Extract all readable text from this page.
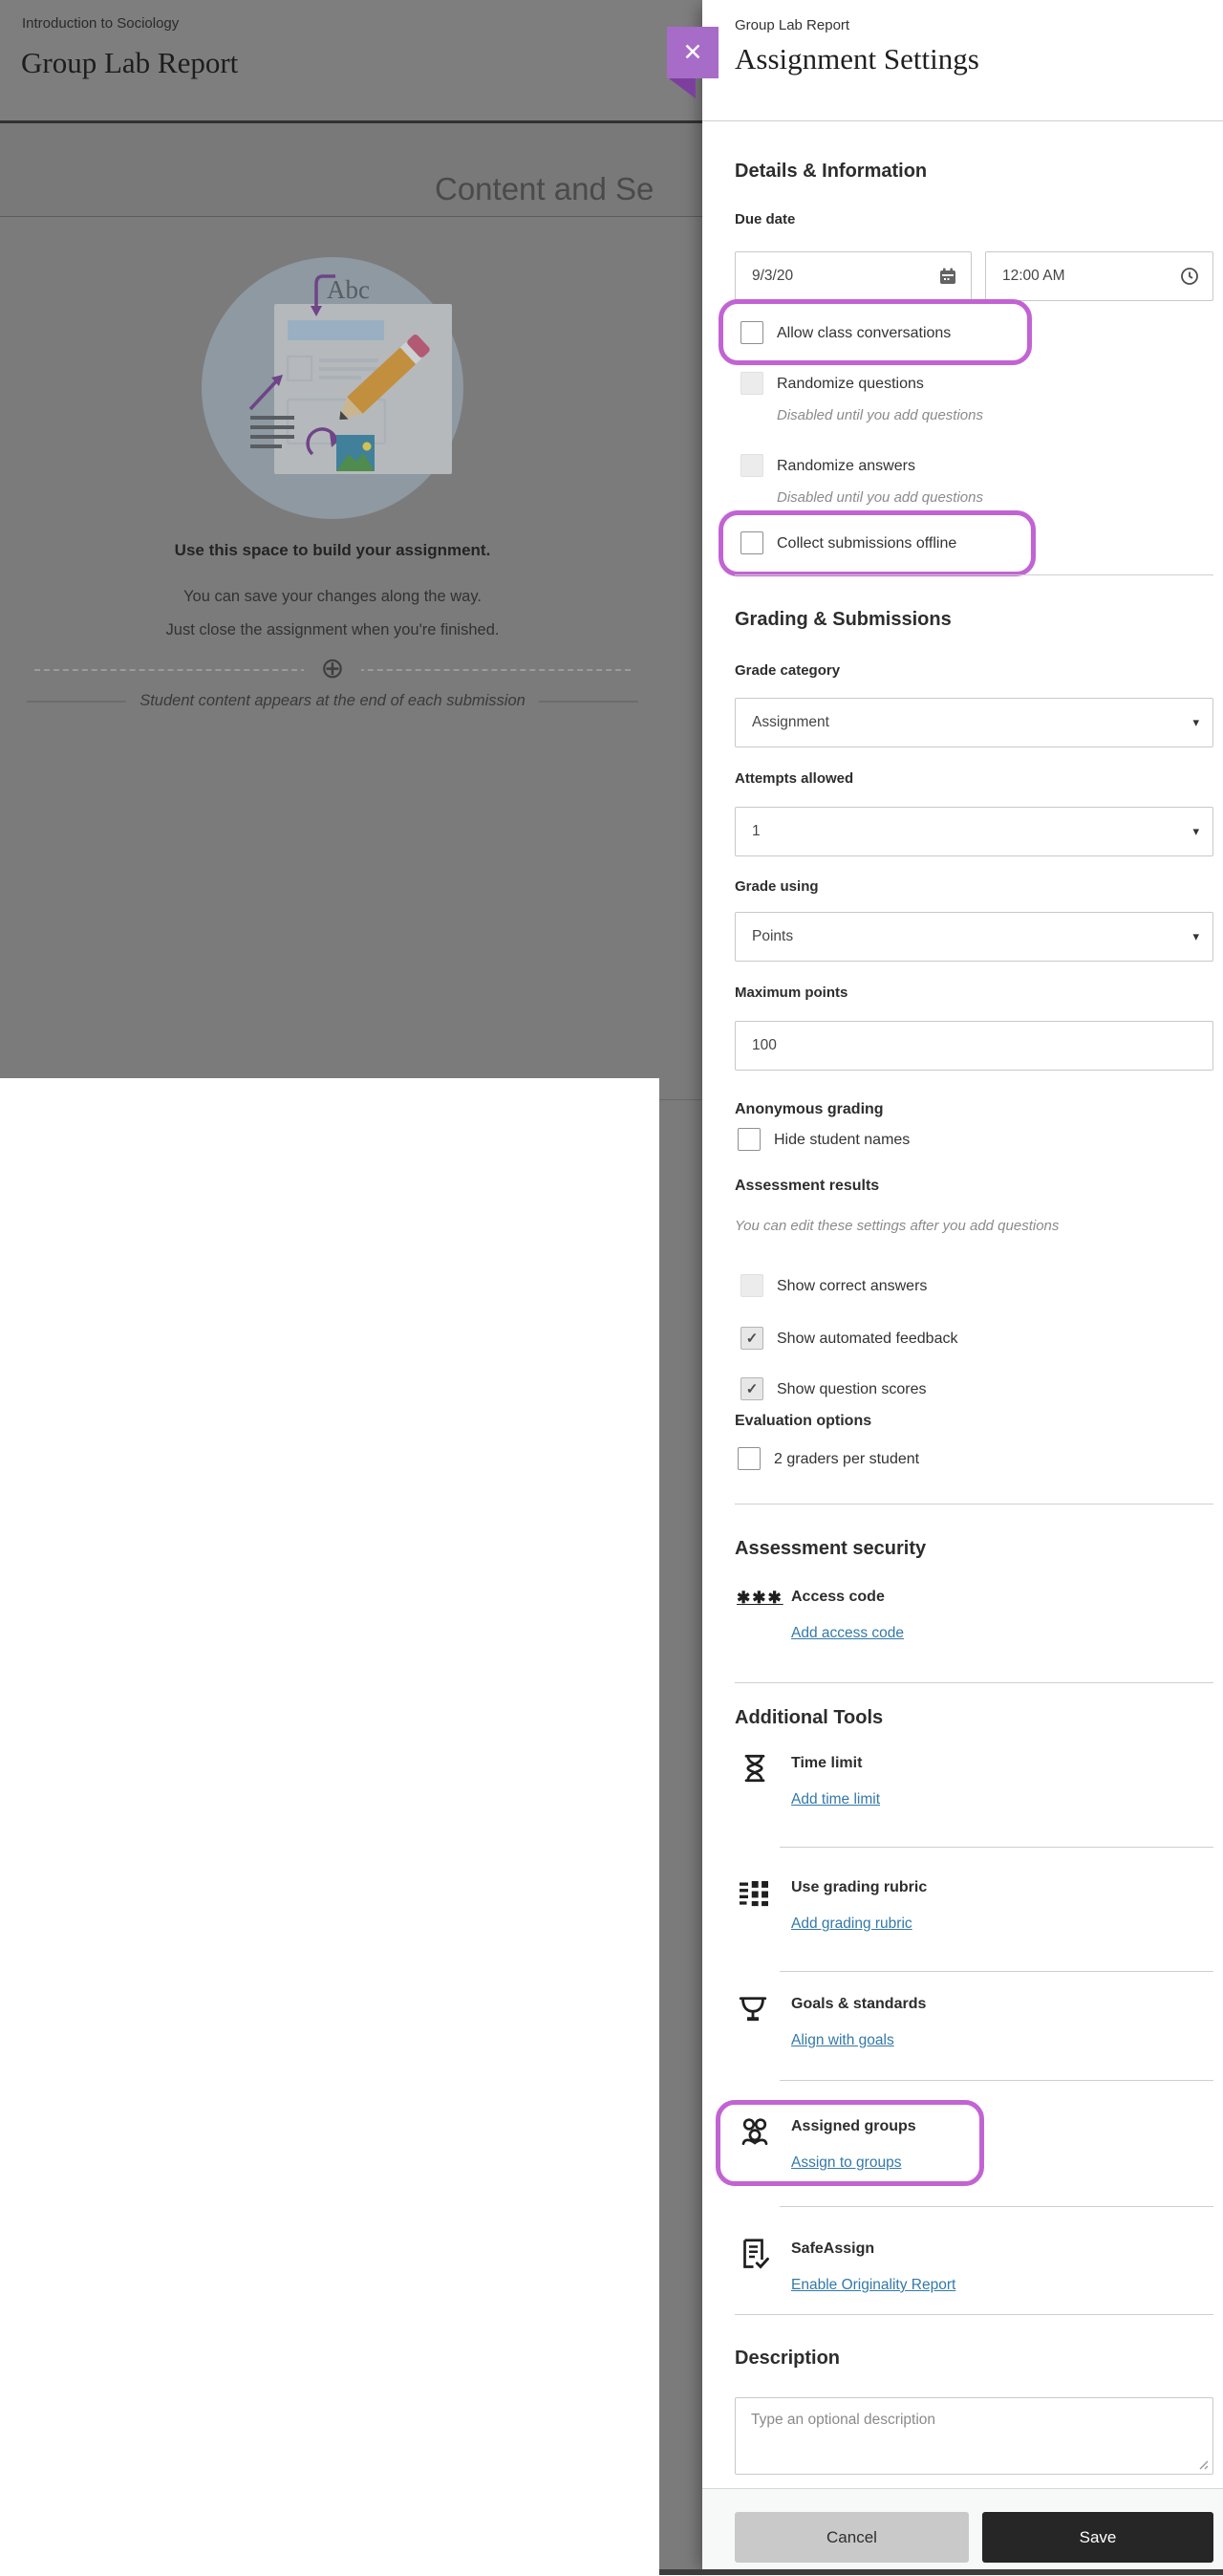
Introduction to Sociology
Group Lab Report
Content and Se
Abc
Use this space to build your assignment.
You can save your changes along the way.
Just close the assignment when you're finished.
⊕
Student content appears at the end of each submission
Group Lab Report
Assignment Settings
Details & Information
Due date
9/3/20	12:00 AM
Allow class conversations
Randomize questions
Disabled until you add questions
Randomize answers
Disabled until you add questions
Collect submissions offline
Grading & Submissions
Grade category
Assignment	▾
Attempts allowed
1	▾
Grade using
Points	▾
Maximum points
100
Anonymous grading
Hide student names
Assessment results
You can edit these settings after you add questions
Show correct answers
✓ Show automated feedback
✓ Show question scores
Evaluation options
2 graders per student
Assessment security
✱✱✱ Access code
Add access code
Additional Tools
Time limit
Add time limit
Use grading rubric
Add grading rubric
Goals & standards
Align with goals
Assigned groups
Assign to groups
SafeAssign
Enable Originality Report
Description
Type an optional description
Cancel	Save
✕
